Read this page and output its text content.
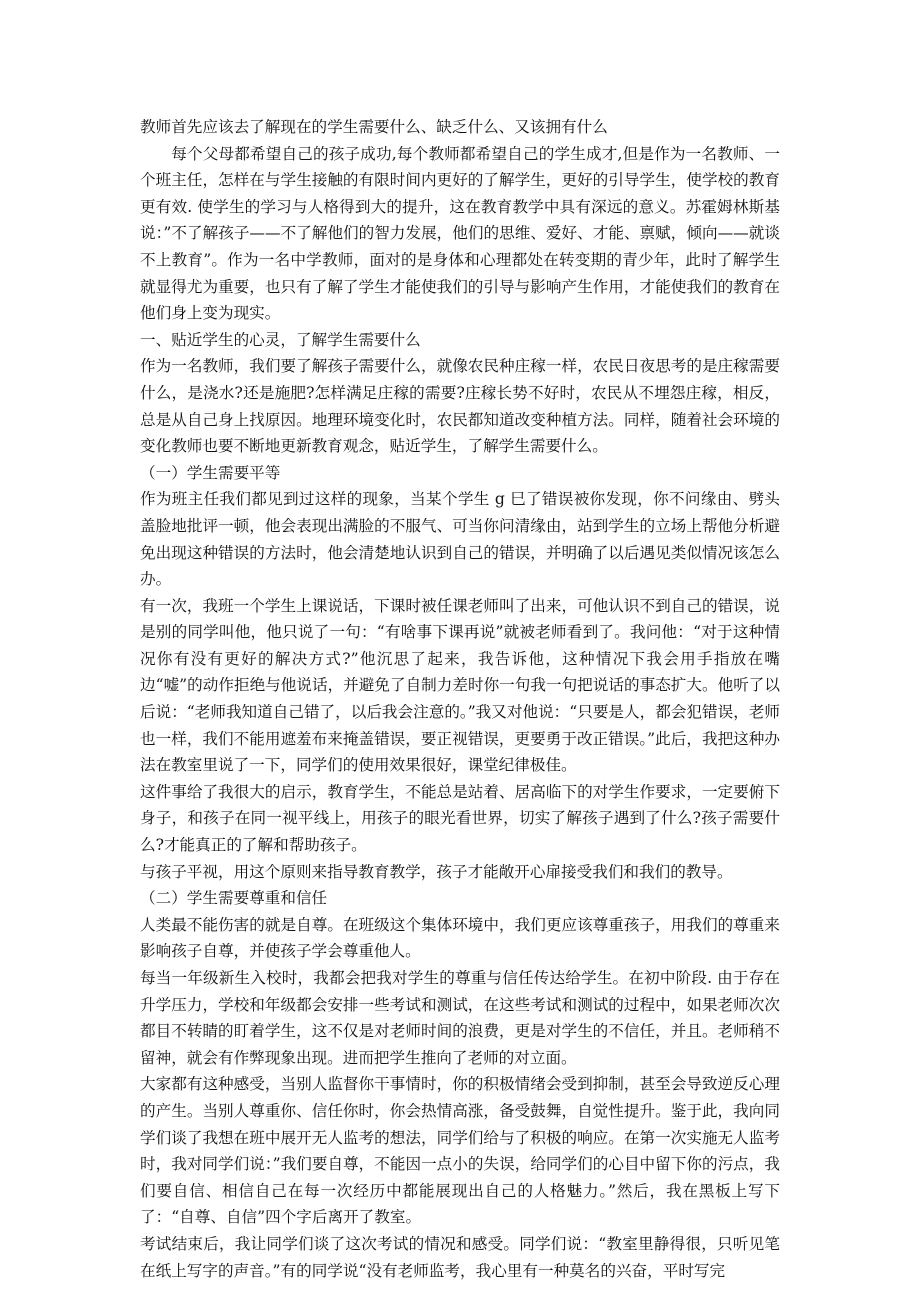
教师首先应该去了解现在的学生需要什么、缺乏什么、又该拥有什么

每个父母都希望自己的孩子成功,每个教师都希望自己的学生成才,但是作为一名教师、一个班主任，怎样在与学生接触的有限时间内更好的了解学生，更好的引导学生，使学校的教育更有效. 使学生的学习与人格得到大的提升，这在教育教学中具有深远的意义。苏霍姆林斯基说：”不了解孩子——不了解他们的智力发展，他们的思维、爱好、才能、禀赋，倾向——就谈不上教育”。作为一名中学教师，面对的是身体和心理都处在转变期的青少年，此时了解学生就显得尤为重要，也只有了解了学生才能使我们的引导与影响产生作用，才能使我们的教育在他们身上变为现实。

一、贴近学生的心灵，了解学生需要什么

作为一名教师，我们要了解孩子需要什么，就像农民种庄稼一样，农民日夜思考的是庄稼需要什么，是浇水?还是施肥?怎样满足庄稼的需要?庄稼长势不好时，农民从不埋怨庄稼，相反，总是从自己身上找原因。地理环境变化时，农民都知道改变种植方法。同样，随着社会环境的变化教师也要不断地更新教育观念，贴近学生，了解学生需要什么。

（一）学生需要平等

作为班主任我们都见到过这样的现象，当某个学生 g 巳了错误被你发现，你不问缘由、劈头盖脸地批评一顿，他会表现出满脸的不服气、可当你问清缘由，站到学生的立场上帮他分析避免出现这种错误的方法时，他会清楚地认识到自己的错误，并明确了以后遇见类似情况该怎么办。

有一次，我班一个学生上课说话，下课时被任课老师叫了出来，可他认识不到自己的错误，说是别的同学叫他，他只说了一句：“有啥事下课再说”就被老师看到了。我问他：“对于这种情况你有没有更好的解决方式?”他沉思了起来，我告诉他，这种情况下我会用手指放在嘴边“嘘”的动作拒绝与他说话，并避免了自制力差时你一句我一句把说话的事态扩大。他听了以后说：“老师我知道自己错了，以后我会注意的。”我又对他说：“只要是人，都会犯错误，老师也一样，我们不能用遮羞布来掩盖错误，要正视错误，更要勇于改正错误。”此后，我把这种办法在教室里说了一下，同学们的使用效果很好，课堂纪律极佳。

这件事给了我很大的启示，教育学生，不能总是站着、居高临下的对学生作要求，一定要俯下身子，和孩子在同一视平线上，用孩子的眼光看世界，切实了解孩子遇到了什么?孩子需要什么?才能真正的了解和帮助孩子。

与孩子平视，用这个原则来指导教育教学，孩子才能敞开心扉接受我们和我们的教导。

（二）学生需要尊重和信任

人类最不能伤害的就是自尊。在班级这个集体环境中，我们更应该尊重孩子，用我们的尊重来影响孩子自尊，并使孩子学会尊重他人。

每当一年级新生入校时，我都会把我对学生的尊重与信任传达给学生。在初中阶段. 由于存在升学压力，学校和年级都会安排一些考试和测试，在这些考试和测试的过程中，如果老师次次都目不转睛的盯着学生，这不仅是对老师时间的浪费，更是对学生的不信任，并且。老师稍不留神，就会有作弊现象出现。进而把学生推向了老师的对立面。

大家都有这种感受，当别人监督你干事情时，你的积极情绪会受到抑制，甚至会导致逆反心理的产生。当别人尊重你、信任你时，你会热情高涨，备受鼓舞，自觉性提升。鉴于此，我向同学们谈了我想在班中展开无人监考的想法，同学们给与了积极的响应。在第一次实施无人监考时，我对同学们说：”我们要自尊，不能因一点小的失误，给同学们的心目中留下你的污点，我们要自信、相信自己在每一次经历中都能展现出自己的人格魅力。”然后，我在黑板上写下了：“自尊、自信”四个字后离开了教室。

考试结束后，我让同学们谈了这次考试的情况和感受。同学们说：“教室里静得很，只听见笔在纸上写字的声音。”有的同学说“没有老师监考，我心里有一种莫名的兴奋，平时写完
